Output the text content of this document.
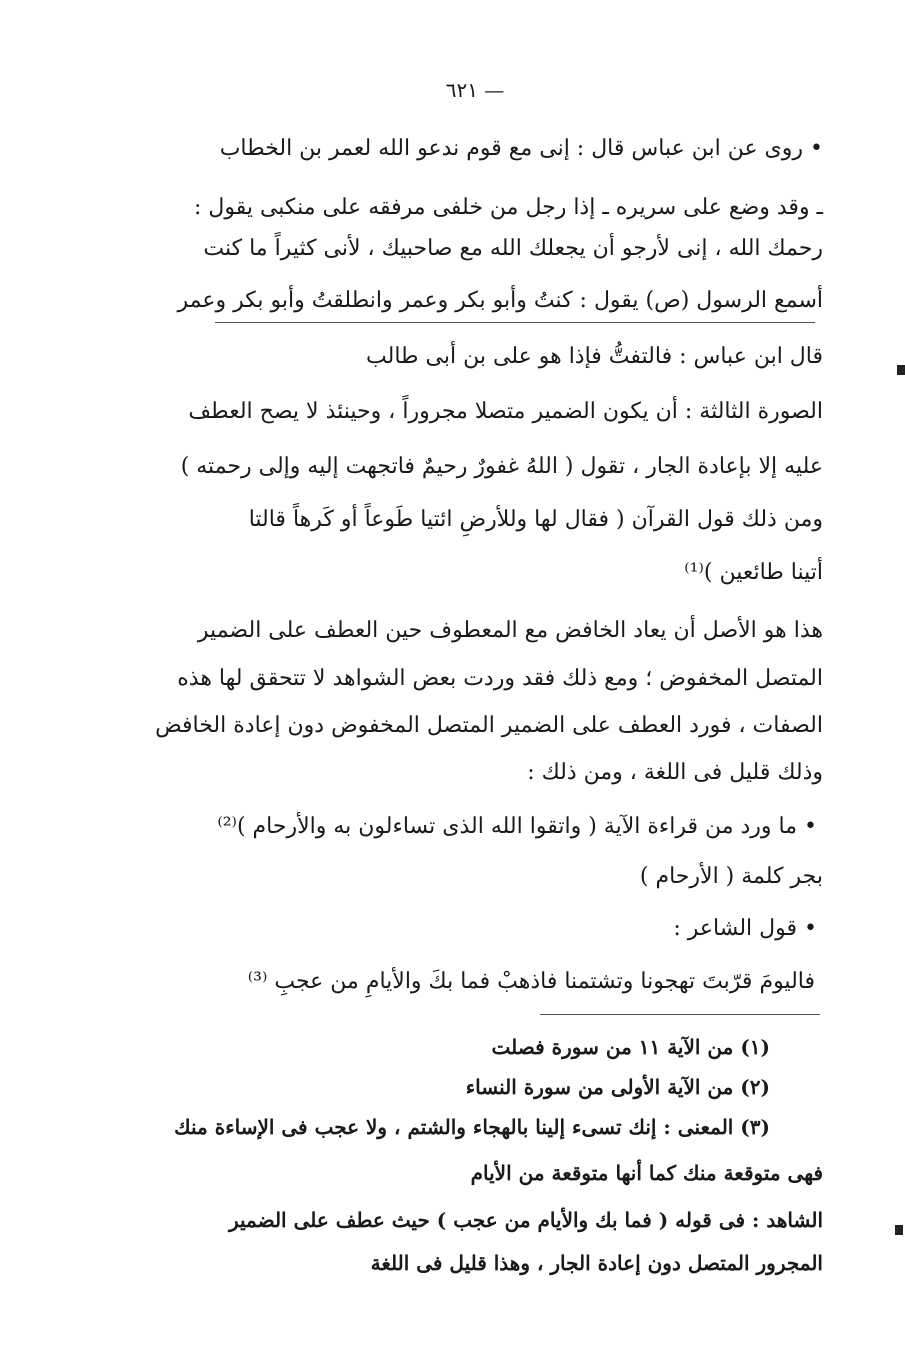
— ٦٢١
• روى عن ابن عباس قال : إنى مع قوم ندعو الله لعمر بن الخطاب
ـ وقد وضع على سريره ـ إذا رجل من خلفى مرفقه على منكبى يقول :
رحمك الله ، إنى لأرجو أن يجعلك الله مع صاحبيك ، لأنى كثيراً ما كنت
أسمع الرسول (ص) يقول : كنتُ وأبو بكر وعمر وانطلقتُ وأبو بكر وعمر
قال ابن عباس : فالتفتُّ فإذا هو على بن أبى طالب
الصورة الثالثة : أن يكون الضمير متصلا مجروراً ، وحينئذ لا يصح العطف
عليه إلا بإعادة الجار ، تقول ( اللهُ غفورٌ رحيمٌ فاتجهت إليه وإلى رحمته )
ومن ذلك قول القرآن ( فقال لها وللأرضِ ائتيا طَوعاً أو كَرهاً قالتا
أتينا طائعين )⁽¹⁾
هذا هو الأصل أن يعاد الخافض مع المعطوف حين العطف على الضمير
المتصل المخفوض ؛ ومع ذلك فقد وردت بعض الشواهد لا تتحقق لها هذه
الصفات ، فورد العطف على الضمير المتصل المخفوض دون إعادة الخافض
وذلك قليل فى اللغة ، ومن ذلك :
• ما ورد من قراءة الآية ( واتقوا الله الذى تساءلون به والأرحام )⁽²⁾
بجر كلمة ( الأرحام )
• قول الشاعر :
فاليومَ قرّبتَ تهجونا وتشتمنا فاذهبْ فما بكَ والأيامِ من عجبِ ⁽³⁾
(١) من الآية ١١ من سورة فصلت
(٢) من الآية الأولى من سورة النساء
(٣) المعنى : إنك تسىء إلينا بالهجاء والشتم ، ولا عجب فى الإساءة منك
فهى متوقعة منك كما أنها متوقعة من الأيام
الشاهد : فى قوله ( فما بك والأيام من عجب ) حيث عطف على الضمير
المجرور المتصل دون إعادة الجار ، وهذا قليل فى اللغة
